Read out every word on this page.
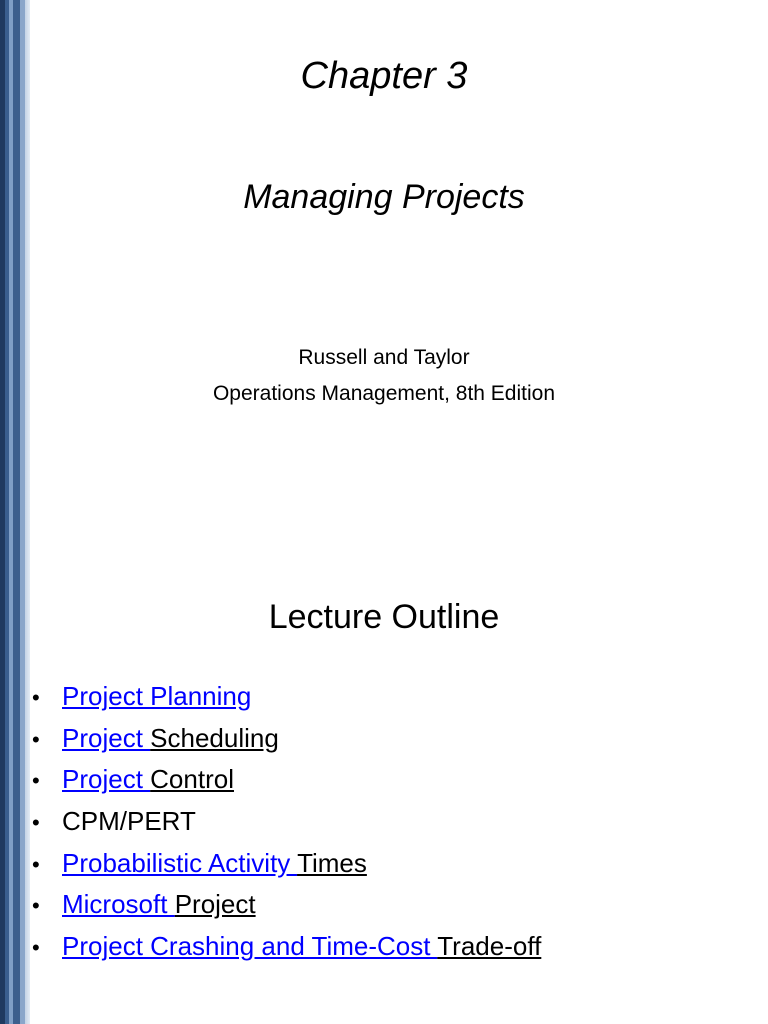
Chapter 3
Managing Projects
Russell and Taylor
Operations Management, 8th Edition
Lecture Outline
• Project Planning
• Project Scheduling
• Project Control
• CPM/PERT
• Probabilistic Activity Times
• Microsoft Project
• Project Crashing and Time-Cost Trade-off
